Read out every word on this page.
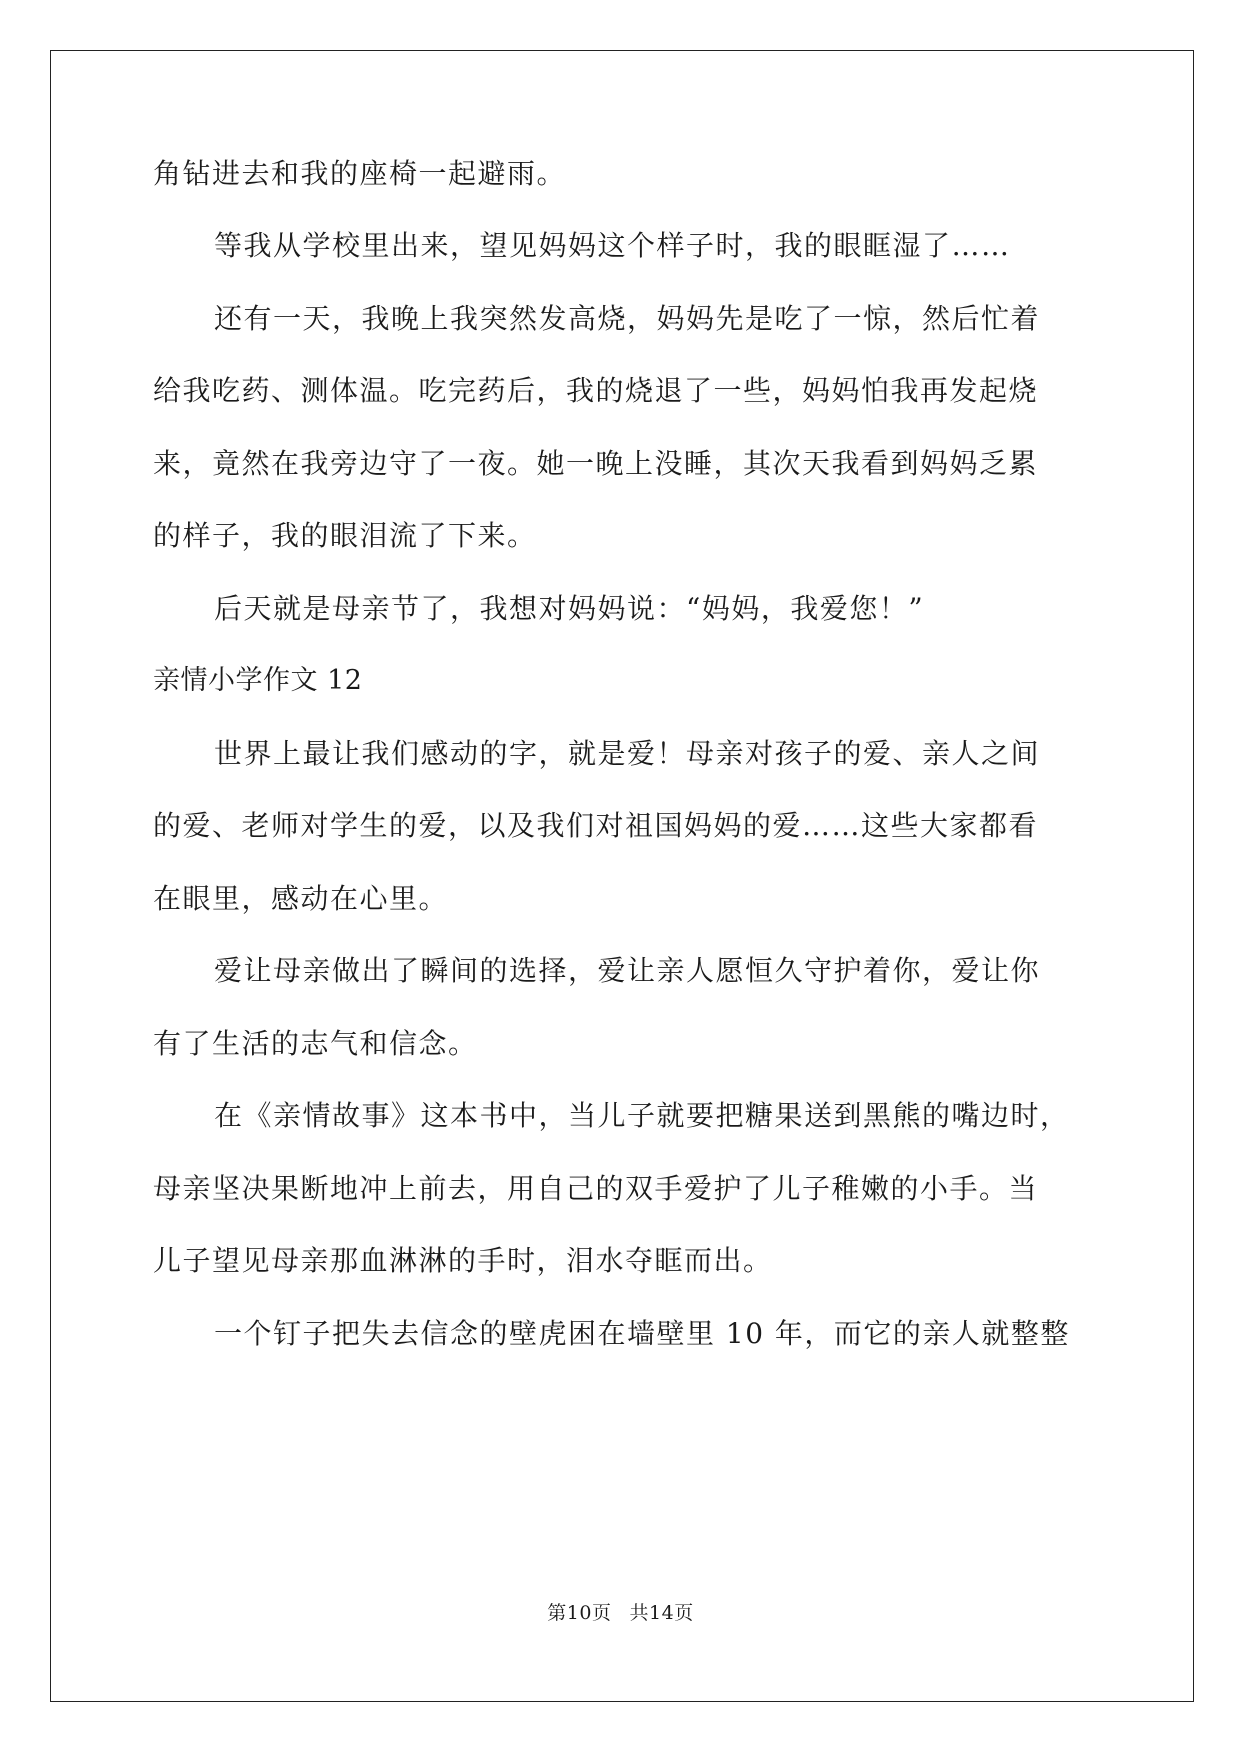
角钻进去和我的座椅一起避雨。
等我从学校里出来，望见妈妈这个样子时，我的眼眶湿了……
还有一天，我晚上我突然发高烧，妈妈先是吃了一惊，然后忙着
给我吃药、测体温。吃完药后，我的烧退了一些，妈妈怕我再发起烧
来，竟然在我旁边守了一夜。她一晚上没睡，其次天我看到妈妈乏累
的样子，我的眼泪流了下来。
后天就是母亲节了，我想对妈妈说：“妈妈，我爱您！”
亲情小学作文 12
世界上最让我们感动的字，就是爱！母亲对孩子的爱、亲人之间
的爱、老师对学生的爱，以及我们对祖国妈妈的爱……这些大家都看
在眼里，感动在心里。
爱让母亲做出了瞬间的选择，爱让亲人愿恒久守护着你，爱让你
有了生活的志气和信念。
在《亲情故事》这本书中，当儿子就要把糖果送到黑熊的嘴边时，
母亲坚决果断地冲上前去，用自己的双手爱护了儿子稚嫩的小手。当
儿子望见母亲那血淋淋的手时，泪水夺眶而出。
一个钉子把失去信念的壁虎困在墙壁里 10 年，而它的亲人就整整
第10页 共14页
